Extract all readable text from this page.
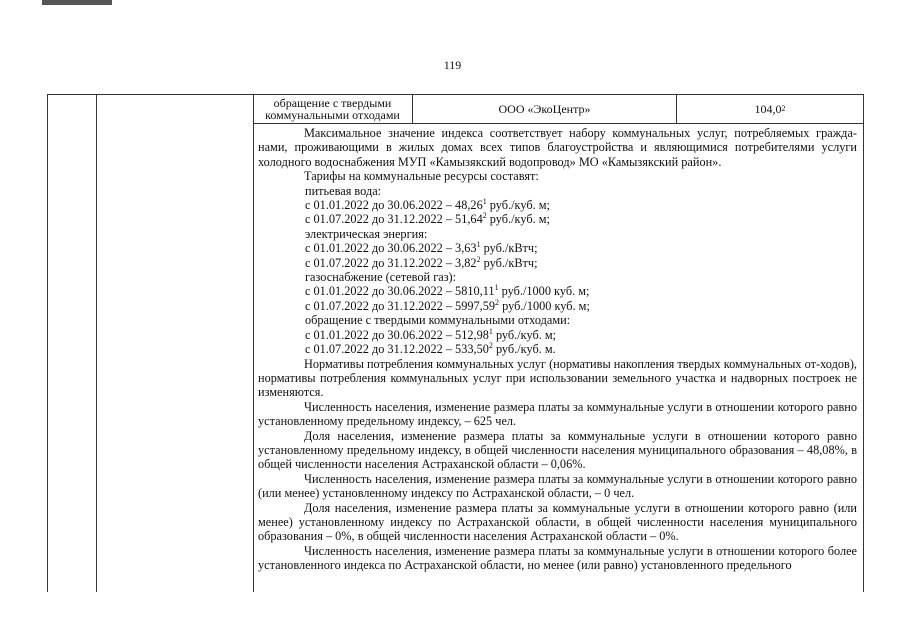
119
обращение с твердыми коммунальными отходами	ООО «ЭкоЦентр»	104,0 2

Максимальное значение индекса соответствует набору коммунальных услуг, потребляемых гражда-нами, проживающими в жилых домах всех типов благоустройства и являющимися потребителями услуги холодного водоснабжения МУП «Камызякский водопровод» МО «Камызякский район».

Тарифы на коммунальные ресурсы составят:

питьевая вода:

с 01.01.2022 до 30.06.2022 – 48,26$^1$ руб./куб. м;

с 01.07.2022 до 31.12.2022 – 51,64$^2$ руб./куб. м;

электрическая энергия:

с 01.01.2022 до 30.06.2022 – 3,63$^1$ руб./кВтч;

с 01.07.2022 до 31.12.2022 – 3,82$^2$ руб./кВтч;

газоснабжение (сетевой газ):

с 01.01.2022 до 30.06.2022 – 5810,11$^1$ руб./1000 куб. м;

с 01.07.2022 до 31.12.2022 – 5997,59$^2$ руб./1000 куб. м;

обращение с твердыми коммунальными отходами:

с 01.01.2022 до 30.06.2022 – 512,98$^1$ руб./куб. м;

с 01.07.2022 до 31.12.2022 – 533,50$^2$ руб./куб. м.

Нормативы потребления коммунальных услуг (нормативы накопления твердых коммунальных от-ходов), нормативы потребления коммунальных услуг при использовании земельного участка и надворных построек не изменяются.

Численность населения, изменение размера платы за коммунальные услуги в отношении которого равно установленному предельному индексу, – 625 чел.

Доля населения, изменение размера платы за коммунальные услуги в отношении которого равно установленному предельному индексу, в общей численности населения муниципального образования – 48,08%, в общей численности населения Астраханской области – 0,06%.

Численность населения, изменение размера платы за коммунальные услуги в отношении которого равно (или менее) установленному индексу по Астраханской области, – 0 чел.

Доля населения, изменение размера платы за коммунальные услуги в отношении которого равно (или менее) установленному индексу по Астраханской области, в общей численности населения муниципального образования – 0%, в общей численности населения Астраханской области – 0%.

Численность населения, изменение размера платы за коммунальные услуги в отношении которого более установленного индекса по Астраханской области, но менее (или равно) установленного предельного
